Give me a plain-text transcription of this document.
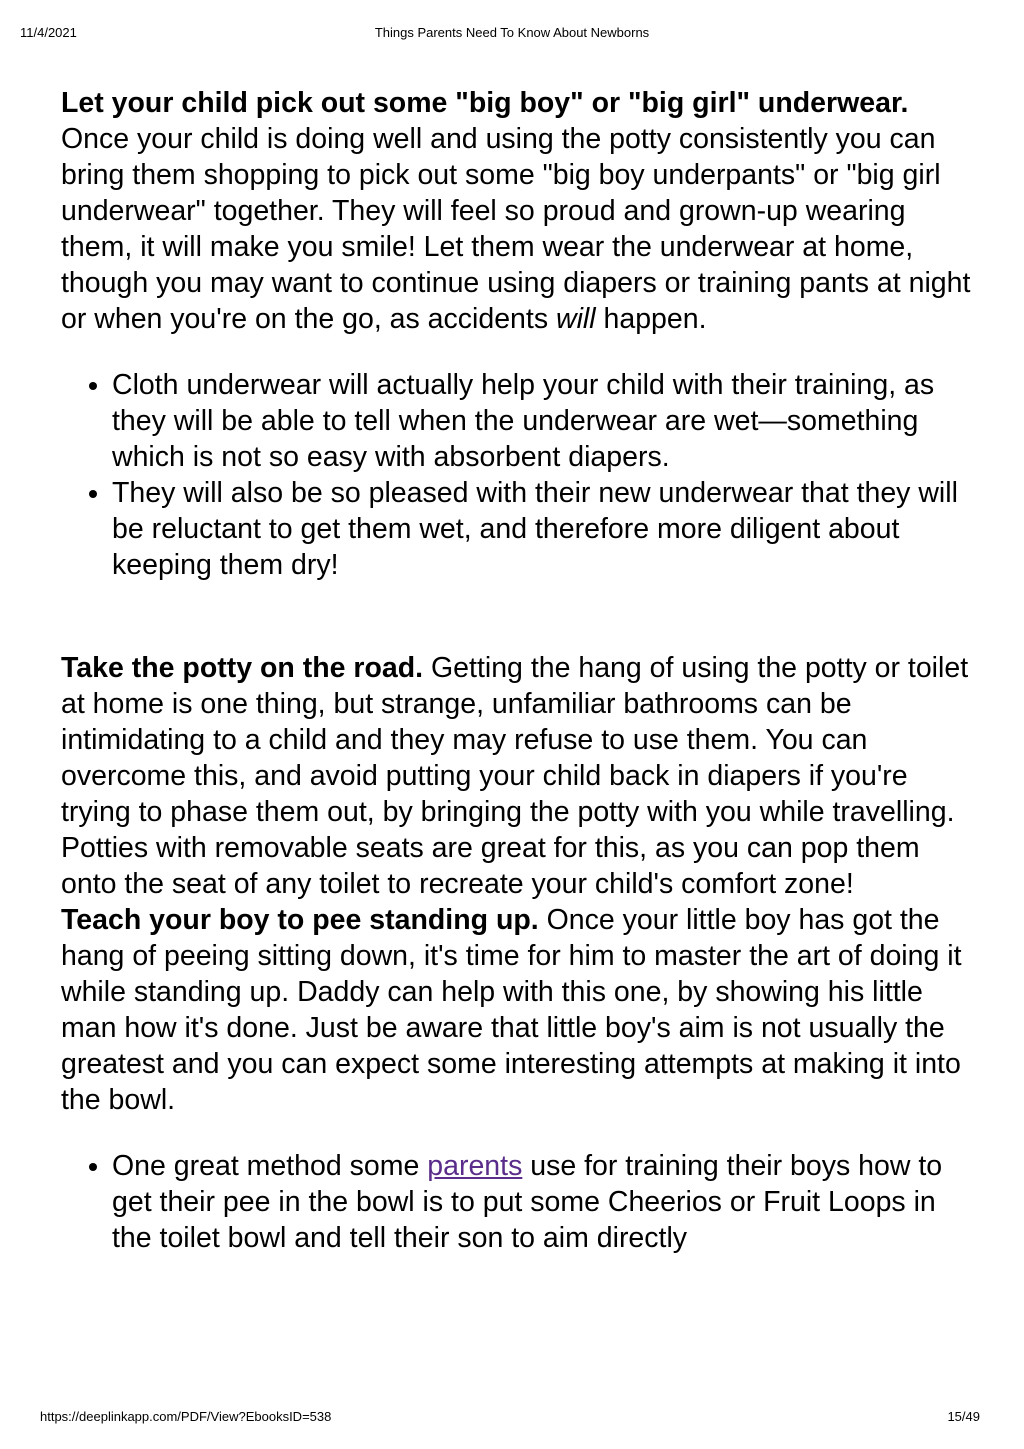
11/4/2021	Things Parents Need To Know About Newborns

Let your child pick out some "big boy" or "big girl" underwear. Once your child is doing well and using the potty consistently you can bring them shopping to pick out some "big boy underpants" or "big girl underwear" together. They will feel so proud and grown-up wearing them, it will make you smile! Let them wear the underwear at home, though you may want to continue using diapers or training pants at night or when you're on the go, as accidents will happen.

• Cloth underwear will actually help your child with their training, as they will be able to tell when the underwear are wet—something which is not so easy with absorbent diapers.
• They will also be so pleased with their new underwear that they will be reluctant to get them wet, and therefore more diligent about keeping them dry!

Take the potty on the road. Getting the hang of using the potty or toilet at home is one thing, but strange, unfamiliar bathrooms can be intimidating to a child and they may refuse to use them. You can overcome this, and avoid putting your child back in diapers if you're trying to phase them out, by bringing the potty with you while travelling. Potties with removable seats are great for this, as you can pop them onto the seat of any toilet to recreate your child's comfort zone!

Teach your boy to pee standing up. Once your little boy has got the hang of peeing sitting down, it's time for him to master the art of doing it while standing up. Daddy can help with this one, by showing his little man how it's done. Just be aware that little boy's aim is not usually the greatest and you can expect some interesting attempts at making it into the bowl.

• One great method some parents use for training their boys how to get their pee in the bowl is to put some Cheerios or Fruit Loops in the toilet bowl and tell their son to aim directly
https://deeplinkapp.com/PDF/View?EbooksID=538	15/49
